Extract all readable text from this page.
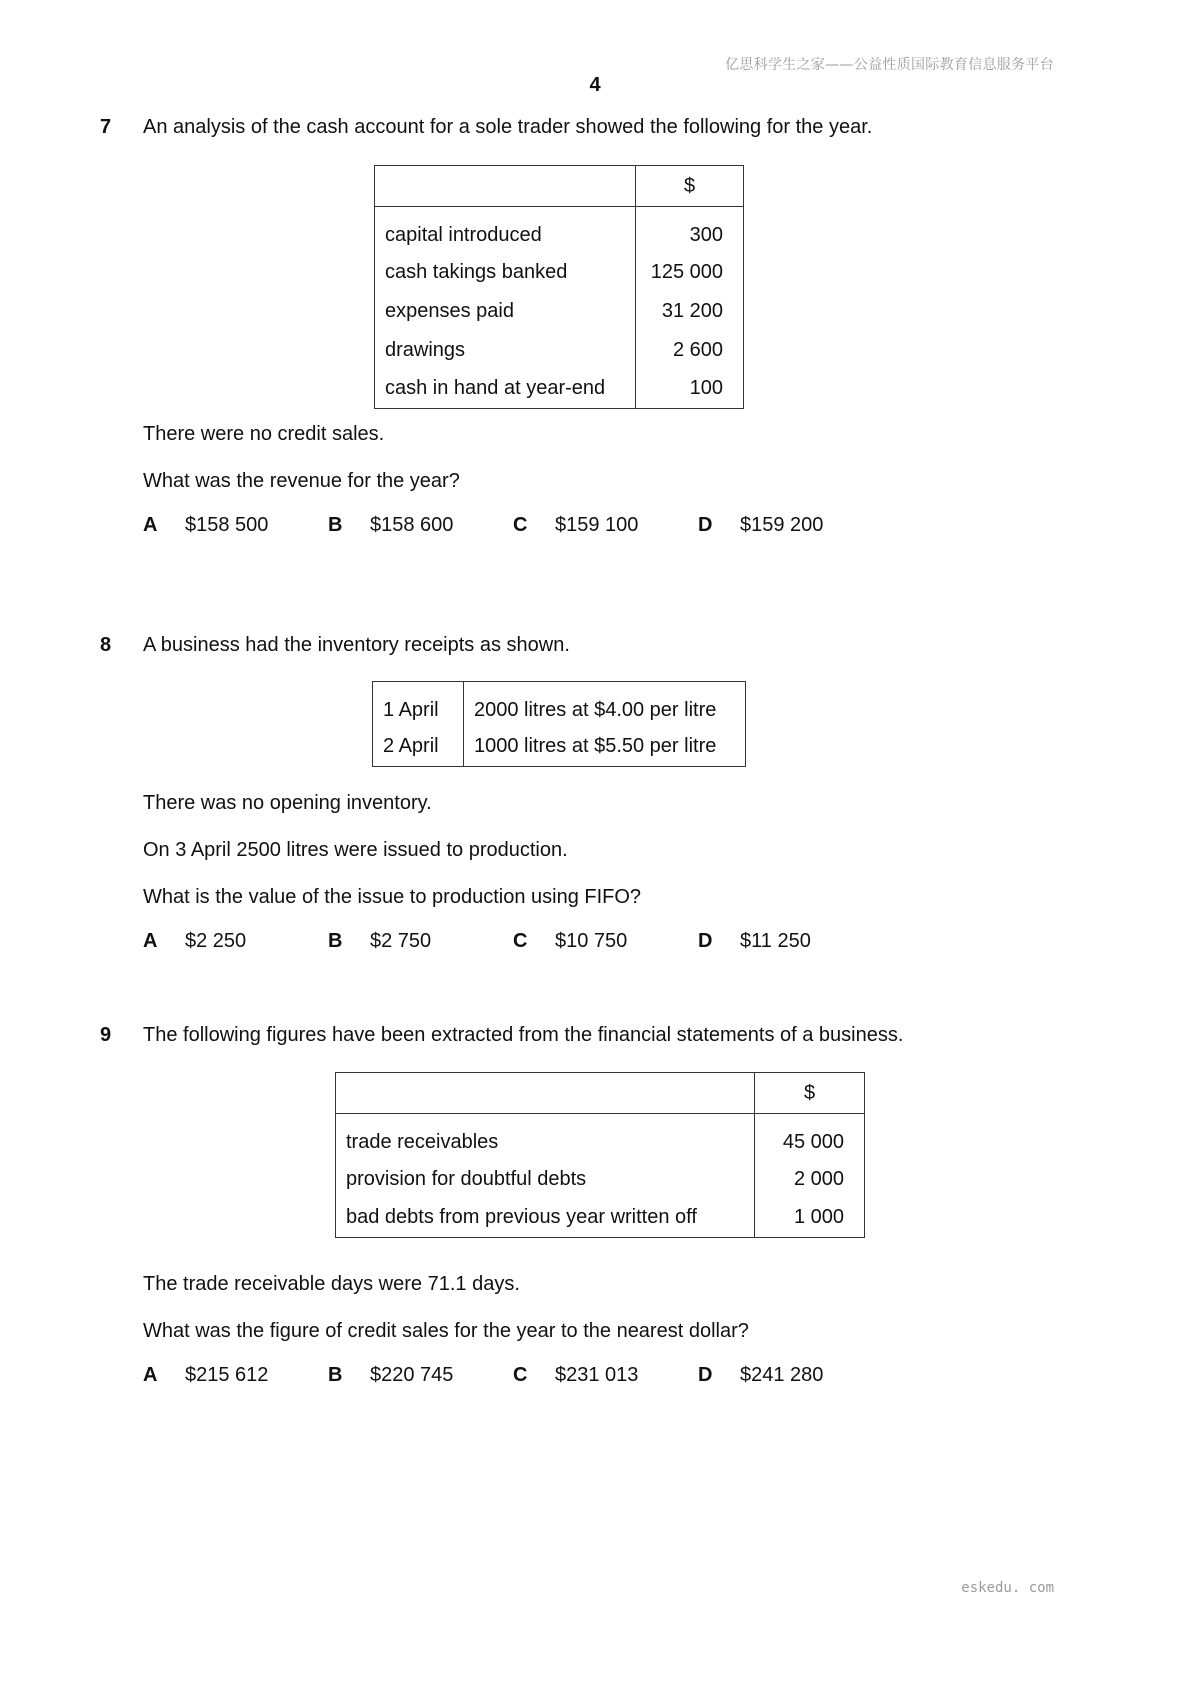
亿思科学生之家——公益性质国际教育信息服务平台
4
7 An analysis of the cash account for a sole trader showed the following for the year.
	$
capital introduced	300
cash takings banked	125 000
expenses paid	31 200
drawings	2 600
cash in hand at year-end	100
There were no credit sales.
What was the revenue for the year?
A $158 500	B $158 600	C $159 100	D $159 200
8 A business had the inventory receipts as shown.
1 April	2000 litres at $4.00 per litre
2 April	1000 litres at $5.50 per litre
There was no opening inventory.
On 3 April 2500 litres were issued to production.
What is the value of the issue to production using FIFO?
A $2 250	B $2 750	C $10 750	D $11 250
9 The following figures have been extracted from the financial statements of a business.
	$
trade receivables	45 000
provision for doubtful debts	2 000
bad debts from previous year written off	1 000
The trade receivable days were 71.1 days.
What was the figure of credit sales for the year to the nearest dollar?
A $215 612	B $220 745	C $231 013	D $241 280
eskedu. com
